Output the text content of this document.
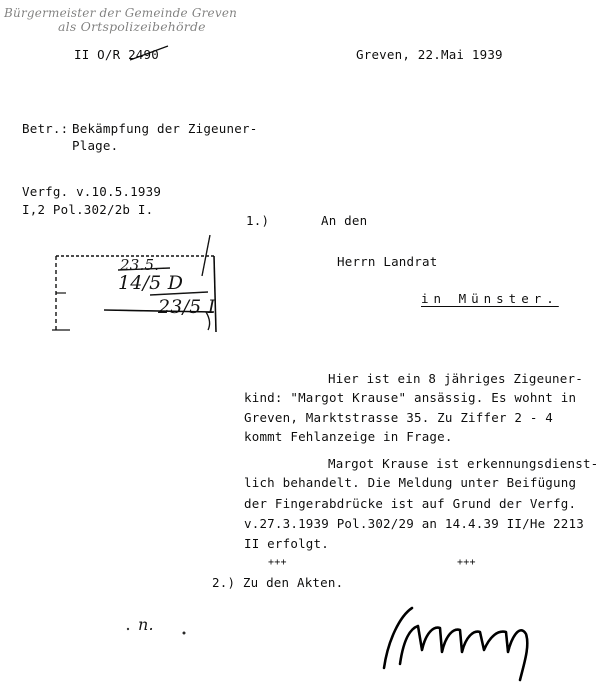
Bürgermeister der Gemeinde Greven
als Ortspolizeibehörde
II O/R 2490	Greven, 22.Mai 1939
Betr.: Bekämpfung der Zigeuner-
Plage.
Verfg. v.10.5.1939
I,2 Pol.302/2b I.
1.)	An den
Herrn Landrat
in Münster.
23.5.
14/5 D
23/5 I
Hier ist ein 8 jähriges Zigeuner-
kind: "Margot Krause" ansässig. Es wohnt in
Greven, Marktstrasse 35. Zu Ziffer 2 - 4
kommt Fehlanzeige in Frage.
Margot Krause ist erkennungsdienst-
lich behandelt. Die Meldung unter Beifügung
der Fingerabdrücke ist auf Grund der Verfg.
v.27.3.1939 Pol.302/29 an 14.4.39 II/He 2213
II erfolgt.
+++	+++
2.) Zu den Akten.
n.
